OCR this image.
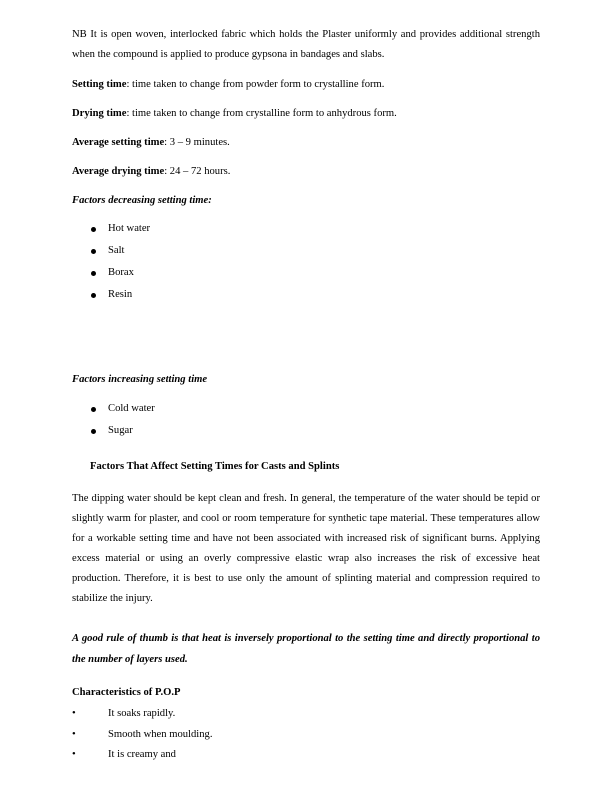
NB It is open woven, interlocked fabric which holds the Plaster uniformly and provides additional strength when the compound is applied to produce gypsona in bandages and slabs.

Setting time: time taken to change from powder form to crystalline form.
Drying time: time taken to change from crystalline form to anhydrous form.
Average setting time: 3 – 9 minutes.
Average drying time: 24 – 72 hours.
Factors decreasing setting time:
Hot water
Salt
Borax
Resin
Factors increasing setting time
Cold water
Sugar
Factors That Affect Setting Times for Casts and Splints

The dipping water should be kept clean and fresh. In general, the temperature of the water should be tepid or slightly warm for plaster, and cool or room temperature for synthetic tape material. These temperatures allow for a workable setting time and have not been associated with increased risk of significant burns. Applying excess material or using an overly compressive elastic wrap also increases the risk of excessive heat production. Therefore, it is best to use only the amount of splinting material and compression required to stabilize the injury.

A good rule of thumb is that heat is inversely proportional to the setting time and directly proportional to the number of layers used.

Characteristics of P.O.P
• It soaks rapidly.
• Smooth when moulding.
• It is creamy and
